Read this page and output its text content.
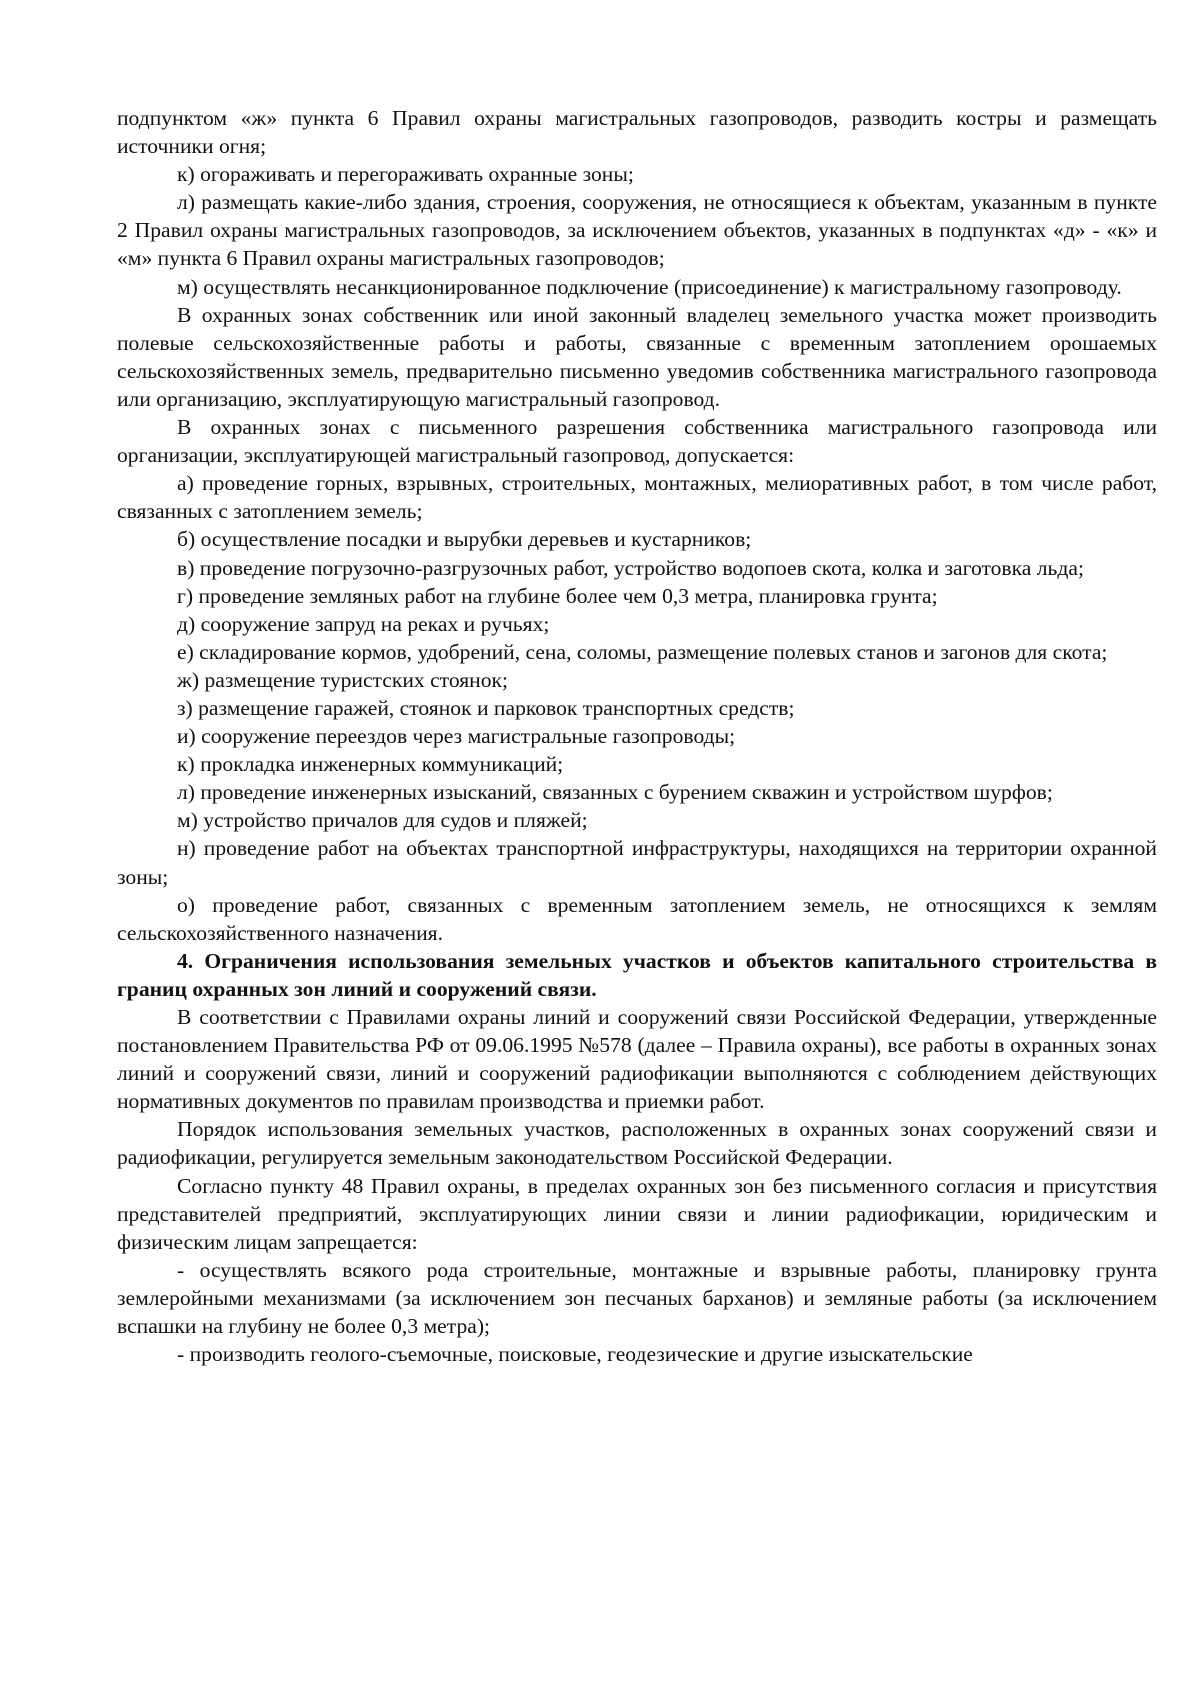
подпунктом «ж» пункта 6 Правил охраны магистральных газопроводов, разводить костры и размещать источники огня;

к) огораживать и перегораживать охранные зоны;

л) размещать какие-либо здания, строения, сооружения, не относящиеся к объектам, указанным в пункте 2 Правил охраны магистральных газопроводов, за исключением объектов, указанных в подпунктах «д» - «к» и «м» пункта 6 Правил охраны магистральных газопроводов;

м) осуществлять несанкционированное подключение (присоединение) к магистральному газопроводу.

В охранных зонах собственник или иной законный владелец земельного участка может производить полевые сельскохозяйственные работы и работы, связанные с временным затоплением орошаемых сельскохозяйственных земель, предварительно письменно уведомив собственника магистрального газопровода или организацию, эксплуатирующую магистральный газопровод.

В охранных зонах с письменного разрешения собственника магистрального газопровода или организации, эксплуатирующей магистральный газопровод, допускается:

а) проведение горных, взрывных, строительных, монтажных, мелиоративных работ, в том числе работ, связанных с затоплением земель;

б) осуществление посадки и вырубки деревьев и кустарников;

в) проведение погрузочно-разгрузочных работ, устройство водопоев скота, колка и заготовка льда;

г) проведение земляных работ на глубине более чем 0,3 метра, планировка грунта;

д) сооружение запруд на реках и ручьях;

е) складирование кормов, удобрений, сена, соломы, размещение полевых станов и загонов для скота;

ж) размещение туристских стоянок;

з) размещение гаражей, стоянок и парковок транспортных средств;

и) сооружение переездов через магистральные газопроводы;

к) прокладка инженерных коммуникаций;

л) проведение инженерных изысканий, связанных с бурением скважин и устройством шурфов;

м) устройство причалов для судов и пляжей;

н) проведение работ на объектах транспортной инфраструктуры, находящихся на территории охранной зоны;

о) проведение работ, связанных с временным затоплением земель, не относящихся к землям сельскохозяйственного назначения.

4. Ограничения использования земельных участков и объектов капитального строительства в границ охранных зон линий и сооружений связи.

В соответствии с Правилами охраны линий и сооружений связи Российской Федерации, утвержденные постановлением Правительства РФ от 09.06.1995 №578 (далее – Правила охраны), все работы в охранных зонах линий и сооружений связи, линий и сооружений радиофикации выполняются с соблюдением действующих нормативных документов по правилам производства и приемки работ.

Порядок использования земельных участков, расположенных в охранных зонах сооружений связи и радиофикации, регулируется земельным законодательством Российской Федерации.

Согласно пункту 48 Правил охраны, в пределах охранных зон без письменного согласия и присутствия представителей предприятий, эксплуатирующих линии связи и линии радиофикации, юридическим и физическим лицам запрещается:

- осуществлять всякого рода строительные, монтажные и взрывные работы, планировку грунта землеройными механизмами (за исключением зон песчаных барханов) и земляные работы (за исключением вспашки на глубину не более 0,3 метра);

- производить геолого-съемочные, поисковые, геодезические и другие изыскательские
